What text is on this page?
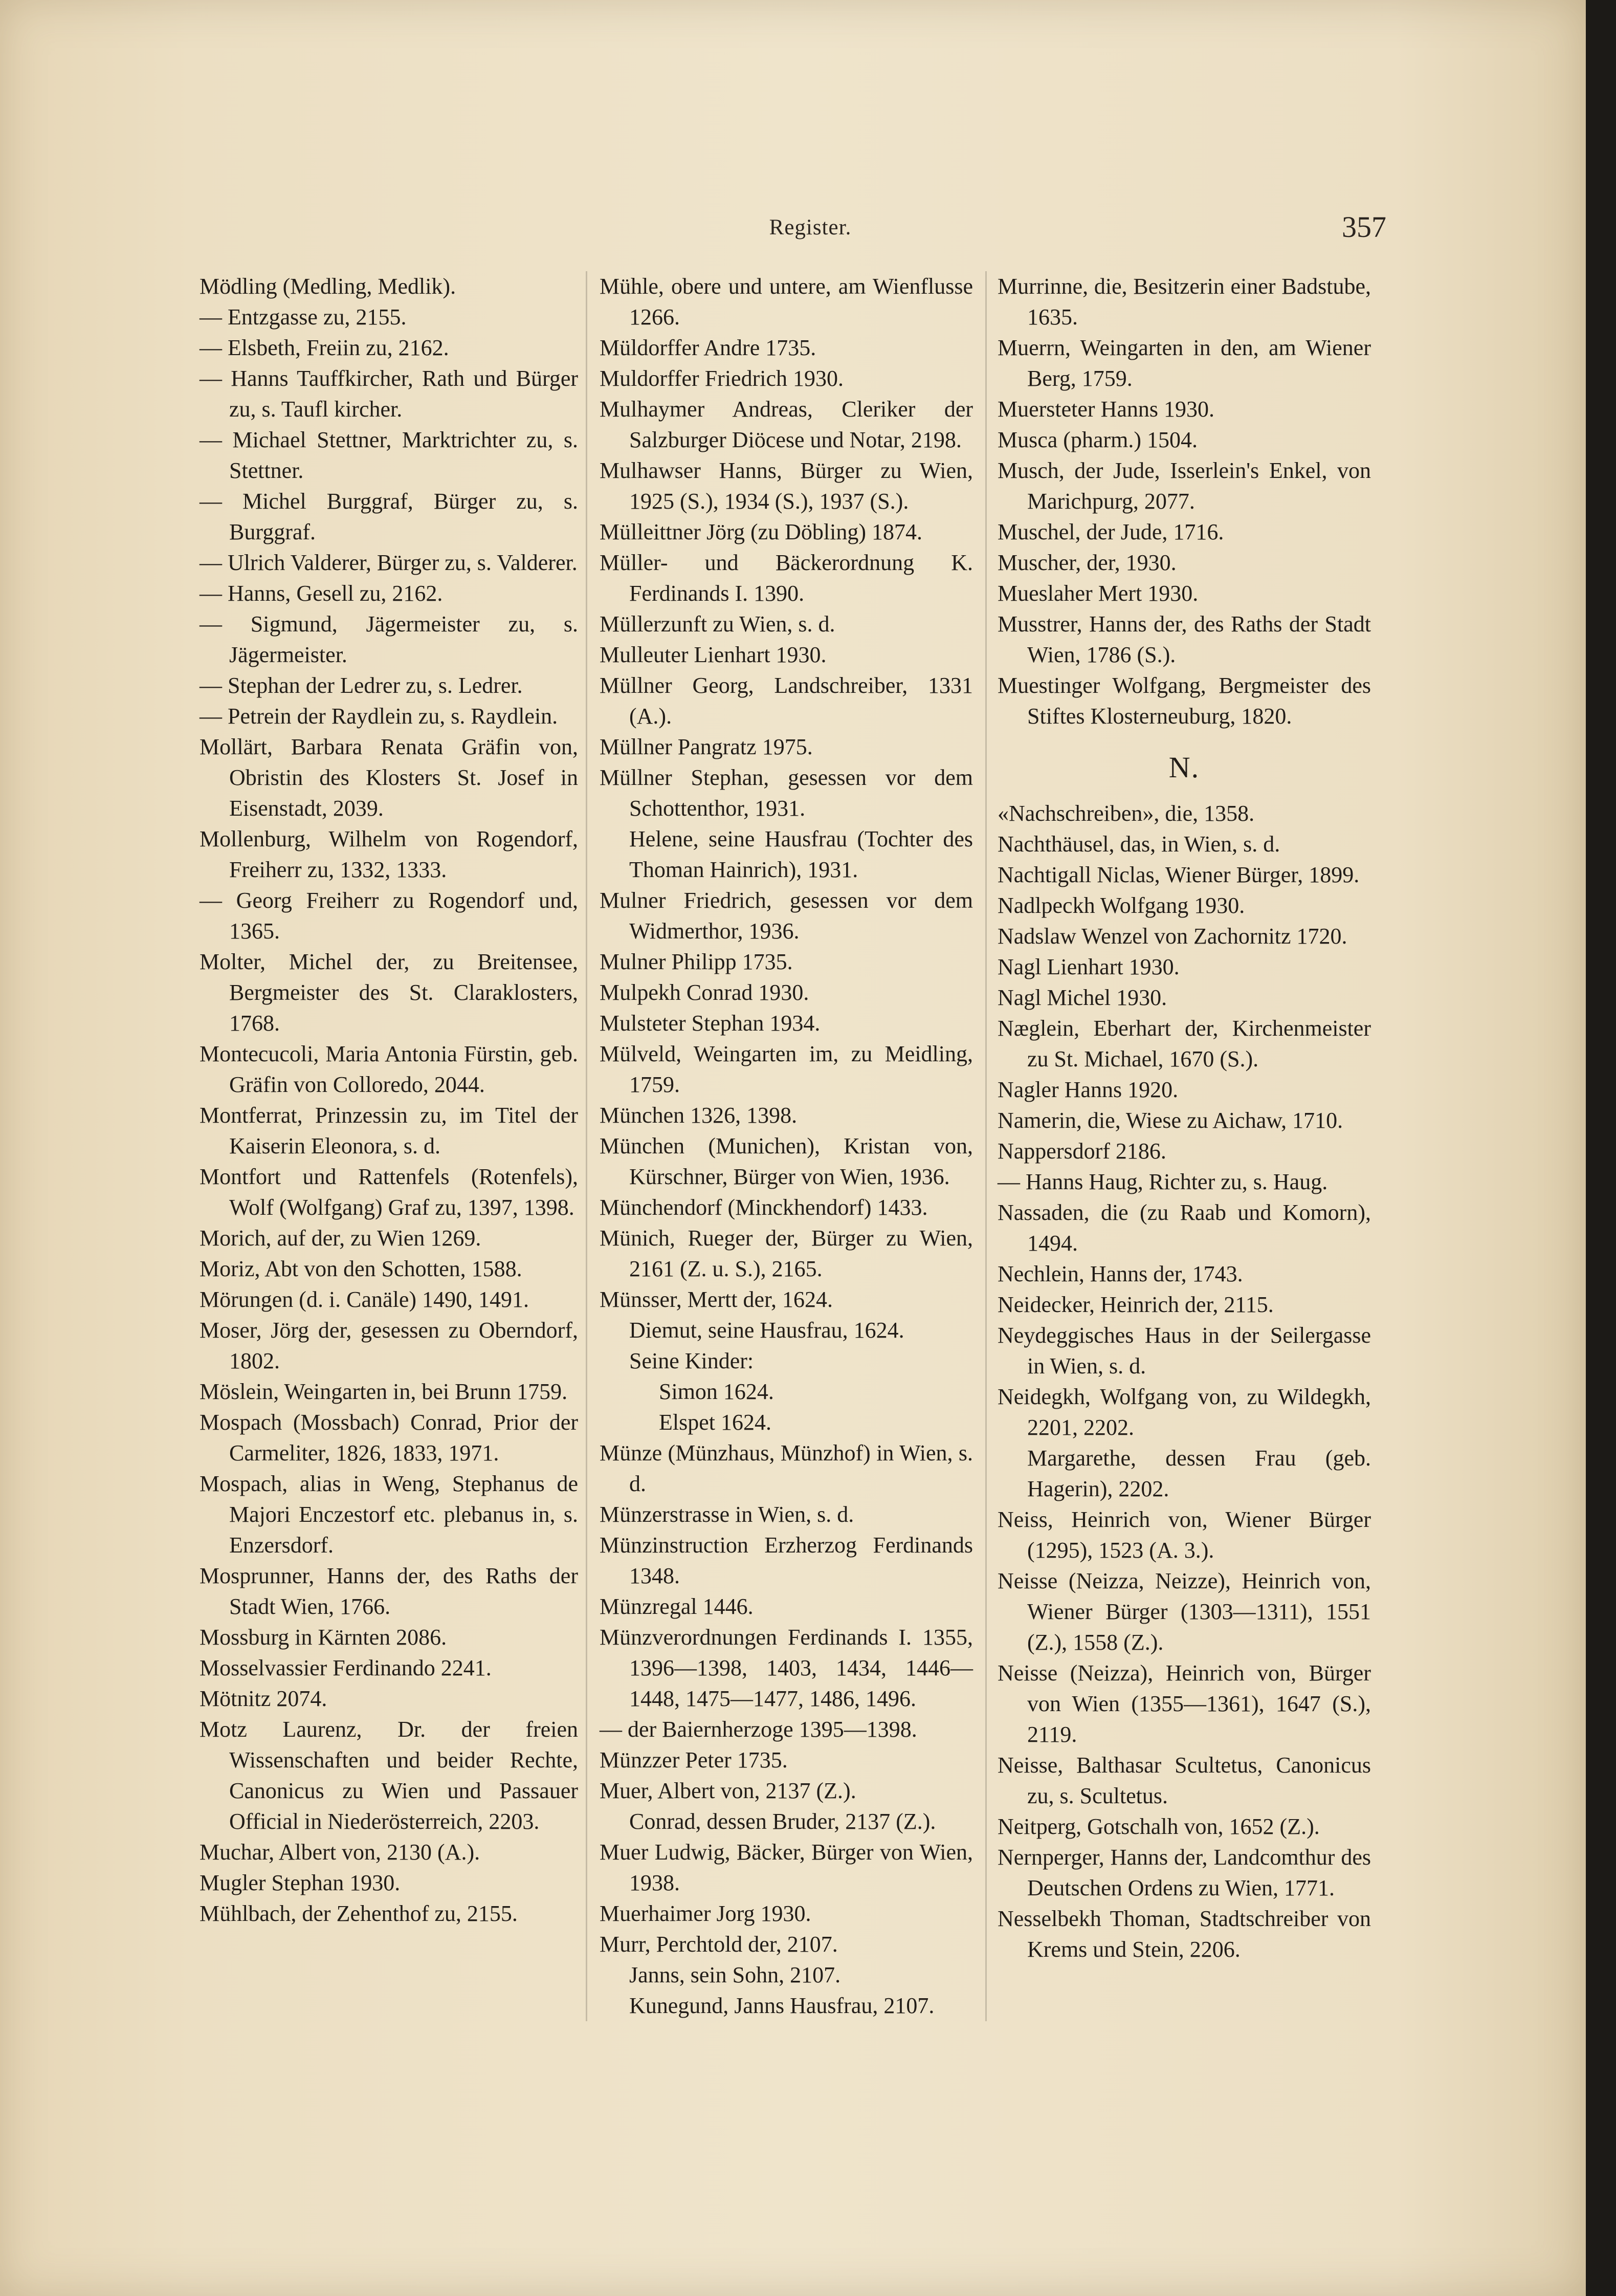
Register.	357
Mödling (Medling, Medlik).
— Entzgasse zu, 2155.
— Elsbeth, Freiin zu, 2162.
— Hanns Tauffkircher, Rath und Bürger zu, s. Taufl kircher.
— Michael Stettner, Marktrichter zu, s. Stettner.
— Michel Burggraf, Bürger zu, s. Burggraf.
— Ulrich Valderer, Bürger zu, s. Valderer.
— Hanns, Gesell zu, 2162.
— Sigmund, Jägermeister zu, s. Jägermeister.
— Stephan der Ledrer zu, s. Ledrer.
— Petrein der Raydlein zu, s. Raydlein.
Mollärt, Barbara Renata Gräfin von, Obristin des Klosters St. Josef in Eisenstadt, 2039.
Mollenburg, Wilhelm von Rogendorf, Freiherr zu, 1332, 1333.
— Georg Freiherr zu Rogendorf und, 1365.
Molter, Michel der, zu Breitensee, Bergmeister des St. Claraklosters, 1768.
Montecucoli, Maria Antonia Fürstin, geb. Gräfin von Colloredo, 2044.
Montferrat, Prinzessin zu, im Titel der Kaiserin Eleonora, s. d.
Montfort und Rattenfels (Rotenfels), Wolf (Wolfgang) Graf zu, 1397, 1398.
Morich, auf der, zu Wien 1269.
Moriz, Abt von den Schotten, 1588.
Mörungen (d. i. Canäle) 1490, 1491.
Moser, Jörg der, gesessen zu Oberndorf, 1802.
Möslein, Weingarten in, bei Brunn 1759.
Mospach (Mossbach) Conrad, Prior der Carmeliter, 1826, 1833, 1971.
Mospach, alias in Weng, Stephanus de Majori Enczestorf etc. plebanus in, s. Enzersdorf.
Mosprunner, Hanns der, des Raths der Stadt Wien, 1766.
Mossburg in Kärnten 2086.
Mosselvassier Ferdinando 2241.
Mötnitz 2074.
Motz Laurenz, Dr. der freien Wissenschaften und beider Rechte, Canonicus zu Wien und Passauer Official in Niederösterreich, 2203.
Muchar, Albert von, 2130 (A.).
Mugler Stephan 1930.
Mühlbach, der Zehenthof zu, 2155.
Mühle, obere und untere, am Wienflusse 1266.
Müldorffer Andre 1735.
Muldorffer Friedrich 1930.
Mulhaymer Andreas, Cleriker der Salzburger Diöcese und Notar, 2198.
Mulhawser Hanns, Bürger zu Wien, 1925 (S.), 1934 (S.), 1937 (S.).
Mülleittner Jörg (zu Döbling) 1874.
Müller- und Bäckerordnung K. Ferdinands I. 1390.
Müllerzunft zu Wien, s. d.
Mulleuter Lienhart 1930.
Müllner Georg, Landschreiber, 1331 (A.).
Müllner Pangratz 1975.
Müllner Stephan, gesessen vor dem Schottenthor, 1931.
Helene, seine Hausfrau (Tochter des Thoman Hainrich), 1931.
Mulner Friedrich, gesessen vor dem Widmerthor, 1936.
Mulner Philipp 1735.
Mulpekh Conrad 1930.
Mulsteter Stephan 1934.
Mülveld, Weingarten im, zu Meidling, 1759.
München 1326, 1398.
München (Munichen), Kristan von, Kürschner, Bürger von Wien, 1936.
Münchendorf (Minckhendorf) 1433.
Münich, Rueger der, Bürger zu Wien, 2161 (Z. u. S.), 2165.
Münsser, Mertt der, 1624.
Diemut, seine Hausfrau, 1624.
Seine Kinder:
Simon 1624.
Elspet 1624.
Münze (Münzhaus, Münzhof) in Wien, s. d.
Münzerstrasse in Wien, s. d.
Münzinstruction Erzherzog Ferdinands 1348.
Münzregal 1446.
Münzverordnungen Ferdinands I. 1355, 1396—1398, 1403, 1434, 1446—1448, 1475—1477, 1486, 1496.
— der Baiernherzoge 1395—1398.
Münzzer Peter 1735.
Muer, Albert von, 2137 (Z.).
Conrad, dessen Bruder, 2137 (Z.).
Muer Ludwig, Bäcker, Bürger von Wien, 1938.
Muerhaimer Jorg 1930.
Murr, Perchtold der, 2107.
Janns, sein Sohn, 2107.
Kunegund, Janns Hausfrau, 2107.
Murrinne, die, Besitzerin einer Badstube, 1635.
Muerrn, Weingarten in den, am Wiener Berg, 1759.
Muersteter Hanns 1930.
Musca (pharm.) 1504.
Musch, der Jude, Isserlein's Enkel, von Marichpurg, 2077.
Muschel, der Jude, 1716.
Muscher, der, 1930.
Mueslaher Mert 1930.
Musstrer, Hanns der, des Raths der Stadt Wien, 1786 (S.).
Muestinger Wolfgang, Bergmeister des Stiftes Klosterneuburg, 1820.
N.
«Nachschreiben», die, 1358.
Nachthäusel, das, in Wien, s. d.
Nachtigall Niclas, Wiener Bürger, 1899.
Nadlpeckh Wolfgang 1930.
Nadslaw Wenzel von Zachornitz 1720.
Nagl Lienhart 1930.
Nagl Michel 1930.
Næglein, Eberhart der, Kirchenmeister zu St. Michael, 1670 (S.).
Nagler Hanns 1920.
Namerin, die, Wiese zu Aichaw, 1710.
Nappersdorf 2186.
— Hanns Haug, Richter zu, s. Haug.
Nassaden, die (zu Raab und Komorn), 1494.
Nechlein, Hanns der, 1743.
Neidecker, Heinrich der, 2115.
Neydeggisches Haus in der Seilergasse in Wien, s. d.
Neidegkh, Wolfgang von, zu Wildegkh, 2201, 2202.
Margarethe, dessen Frau (geb. Hagerin), 2202.
Neiss, Heinrich von, Wiener Bürger (1295), 1523 (A. 3.).
Neisse (Neizza, Neizze), Heinrich von, Wiener Bürger (1303—1311), 1551 (Z.), 1558 (Z.).
Neisse (Neizza), Heinrich von, Bürger von Wien (1355—1361), 1647 (S.), 2119.
Neisse, Balthasar Scultetus, Canonicus zu, s. Scultetus.
Neitperg, Gotschalh von, 1652 (Z.).
Nernperger, Hanns der, Landcomthur des Deutschen Ordens zu Wien, 1771.
Nesselbekh Thoman, Stadtschreiber von Krems und Stein, 2206.
